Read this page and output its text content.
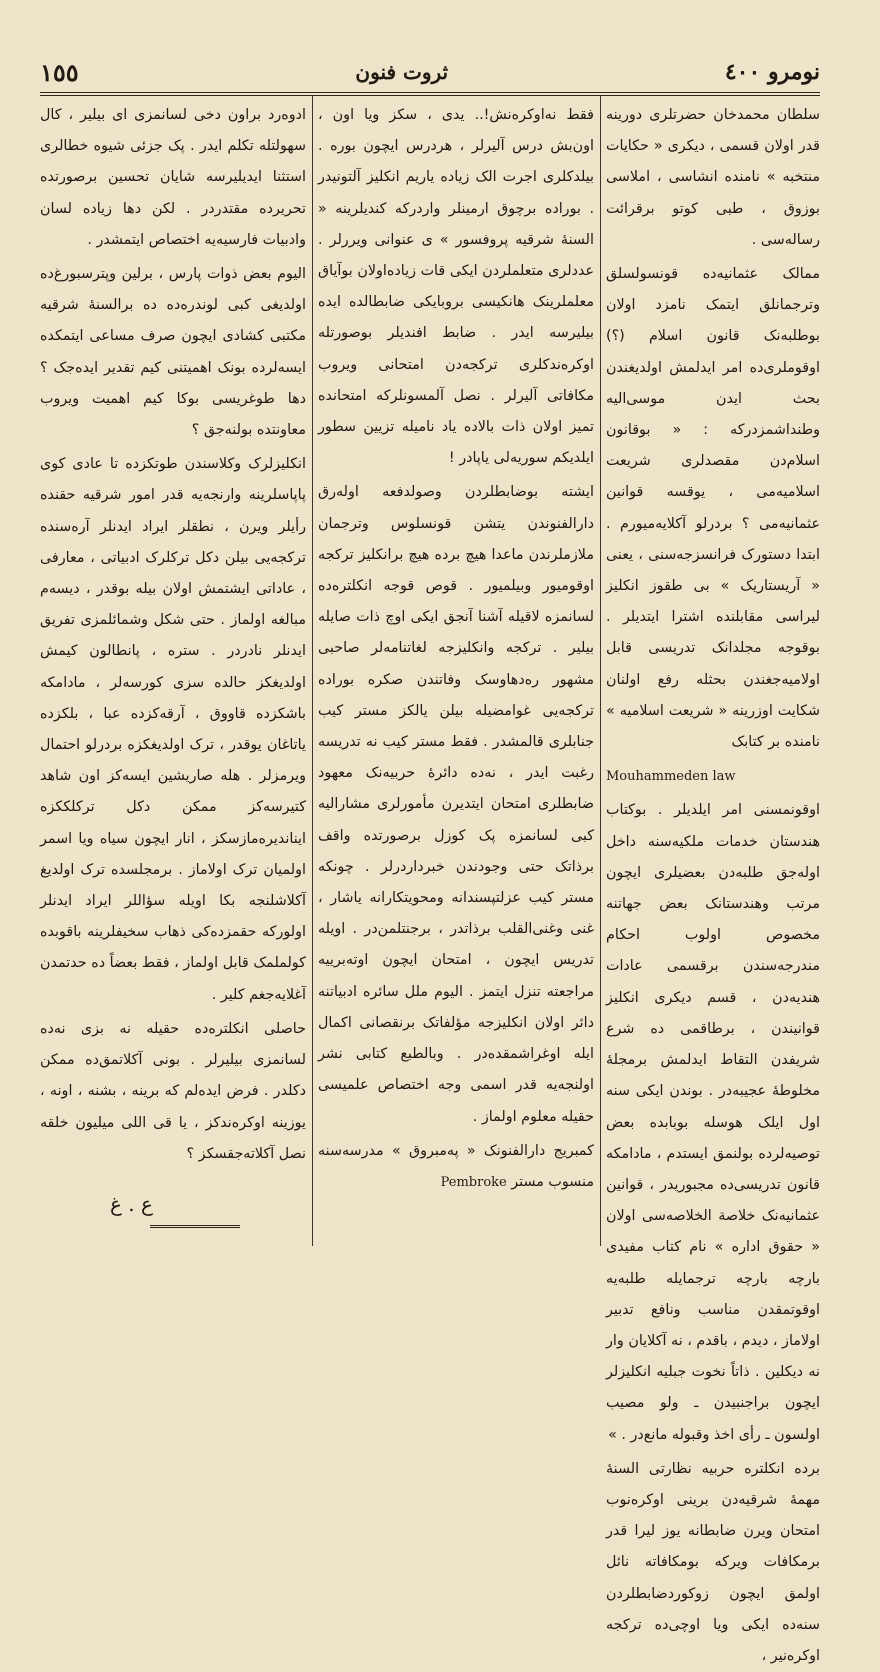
نومرو ٤٠٠
ثروت فنون
١٥٥

سلطان محمدخان حضرتلری دورینه قدر اولان قسمی ، دیکری « حکایات منتخبه » نامنده انشاسی ، املاسی بوزوق ، طبی کوتو برقرائت رساله‌سی .

ممالک عثمانیه‌ده قونسولسلق وترجمانلق ایتمک نامزد اولان بوطلبه‌نک قانون اسلام (؟) اوقوملری‌ده امر ایدلمش اولدیغندن بحث ایدن موسی‌الیه وطنداشمزدرکه : « بوقانون اسلام‌دن مقصدلری شریعت اسلامیه‌می ، یوقسه قوانین عثمانیه‌می ؟ بردرلو آکلایه‌میورم . ابتدا دستورک فرانسزجه‌سنی ، یعنی « آریستاریک » بی طقوز انکلیز لیراسی مقابلنده اشترا ایتدیلر . بوقوجه مجلدانک تدریسی قابل اولامیه‌جغندن بحثله رفع اولنان شکایت اوزرینه « شریعت اسلامیه » نامنده بر کتابک

Mouhammeden law

اوقونمسنی امر ایلدیلر . بوکتاب هندستان خدمات ملکیه‌سنه داخل اوله‌جق طلبه‌دن بعضیلری ایچون مرتب وهندستانک بعض جهاتنه مخصوص اولوب احکام مندرجه‌سندن برقسمی عادات هندیه‌دن ، قسم دیکری انکلیز قوانیندن ، برطاقمی ده شرع شریفدن التقاط ایدلمش برمجلهٔ مخلوطهٔ عجیبه‌در . بوندن ایکی سنه اول ایلک هوسله بوبابده بعض توصیه‌لرده بولنمق ایستدم ، مادامکه قانون تدریسی‌ده مجبوریدر ، قوانین عثمانیه‌نک خلاصة الخلاصه‌سی اولان « حقوق اداره » نام کتاب مفیدی بارچه بارچه ترجمایله طلبه‌یه اوقوتمقدن مناسب ونافع تدبیر اولاماز ، دیدم ، باقدم ، نه آکلایان وار نه دیکلین . ذاتاً نخوت جبلیه انکلیزلر ایچون براجنبیدن ـ ولو مصیب اولسون ـ رأی اخذ وقبوله مانع‌در . »

برده انکلتره حربیه نظارتی السنهٔ مهمهٔ شرقیه‌دن برینی اوکره‌نوب امتحان ویرن ضابطانه یوز لیرا قدر برمکافات ویرکه بومکافاته نائل اولمق ایچون زوکوردضابطلردن سنه‌ده ایکی ویا اوچی‌ده ترکجه اوکره‌نیر ،

فقط نه‌اوکره‌نش!.. یدی ، سکز ویا اون ، اون‌بش درس آلیرلر ، هردرس ایچون بوره . بیلدکلری اجرت الک زیاده یاریم انکلیز آلتونیدر . بوراده برچوق ارمینلر وارد‌رکه کندیلرینه « السنهٔ شرقیه پروفسور » ی عنوانی ویررلر . عددلری متعلملردن ایکی قات زیاده‌اولان بوآیاق معلملرینک هانکیسی بروبایکی ضابطالده ایده بیلیرسه ایدر . ضابط افندیلر بوصورتله اوکره‌ندکلری ترکجه‌دن امتحانی ویروب مکافاتی آلیرلر . نصل آلمسونلرکه امتحانده تمیز اولان ذات بالاده یاد نامیله تزیین سطور ایلدیکم سوریه‌لی یاپادر !

ایشته بوضابطلردن وصولدفعه اولەرق دارالفنوندن یتشن قونسلوس وترجمان ملازملرندن ماعدا هیچ برده هیچ برانکلیز ترکجه اوقومیور وبیلمیور . قوص قوجه انکلتره‌ده لسانمزه لاقیله آشنا آنجق ایکی اوچ ذات صایله بیلیر . ترکجه وانکلیزجه لغاتنامه‌لر صاحبی مشهور ره‌دهاوسک وفاتندن صکره بوراده ترکجه‌یی غوامضیله بیلن یالکز مستر کیب جنابلری قالمشدر . فقط مستر کیب نه تدریسه رغبت ایدر ، نه‌ده دائرهٔ حربیه‌نک معهود ضابطلری امتحان ایتدیرن مأمورلری مشارالیه کبی لسانمزه پک کوزل برصورتده واقف برذاتک حتی وجودندن خبردار‌درلر . چونکه مستر کیب عزلتپسندانه ومحویتکارانه یاشار ، غنی وغنی‌القلب برذاتدر ، برجنتلمن‌در . اویله تدریس ایچون ، امتحان ایچون اوته‌برییه مراجعته تنزل ایتمز . الیوم ملل سائره ادبیاتنه دائر اولان انکلیزجه مؤلفاتک برنقصانی اکمال ایله اوغراشمقده‌در . وبالطبع کتابی نشر اولنجه‌یه قدر اسمی وجه اختصاص علمیسی حقیله معلوم اولماز .

کمبریج دارالفنونک « پەمبروق » مدرسه‌سنه منسوب مستر Pembroke

ادوەرد براون دخی لسانمزی ای بیلیر ، کال سهولتله تکلم ایدر . پک جزئی شیوه خطالری استثنا ایدیلیرسه شایان تحسین برصورتده تحریرده مقتدردر . لکن دها زیاده لسان وادبیات فارسیه‌یه اختصاص ایتمشدر .

الیوم بعض ذوات پارس ، برلین وپترسبورغ‌ده اولدیغی کبی لوندره‌ده ده برالسنهٔ شرقیه مکتبی کشادی ایچون صرف مساعی ایتمکده ایسه‌لرده بونک اهمیتنی کیم تقدیر ایده‌جک ؟ دها طوغریسی بوکا کیم اهمیت ویروب معاونتده بولنه‌جق ؟

انکلیزلرک وکلاسندن طوتکزده تا عادی کوی پاپاسلرینه وارنجه‌یه قدر امور شرقیه حقنده رأیلر ویرن ، نطقلر ایراد ایدنلر آره‌سنده ترکجه‌یی بیلن دکل ترکلرک ادبیاتی ، معارفی ، عاداتی ایشتمش اولان بیله بوقدر ، دیسەم مبالغه اولماز . حتی شکل وشمائلمزی تفریق ایدنلر نادردر . سترە ، پانطالون کیمش اولدیغکز حالده سزی کورسەلر ، مادامکه باشکزده قاووق ، آرقه‌کزده عبا ، بلکزده یاتاغان یوقدر ، ترک اولدیغکزه بردرلو احتمال ویرمزلر . هله صاریشین ایسه‌کز اون شاهد کتیرسه‌کز ممکن دکل ترکلککزه ایناندیره‌مازسکز ، انار ایچون سیاه ویا اسمر اولمیان ترک اولاماز . برمجلسده ترک اولدیغ آکلاشلنجه بکا اویله سؤاللر ایراد ایدنلر اولورکه حقمزده‌کی ذهاب سخیفلرینه باقوبده کولملمک قابل اولماز ، فقط بعضاً ده حدتمدن آغلایه‌جغم کلیر .

حاصلی انکلتره‌ده حقیله نه بزی نه‌ده لسانمزی بیلیرلر . بونی آکلاتمق‌ده ممکن دکلدر . فرض ایدەلم که برینه ، بشنه ، اونه ، یوزینه اوکره‌ندکز ، یا قی اللی میلیون خلقه نصل آکلاته‌جقسکز ؟

ع . غ
